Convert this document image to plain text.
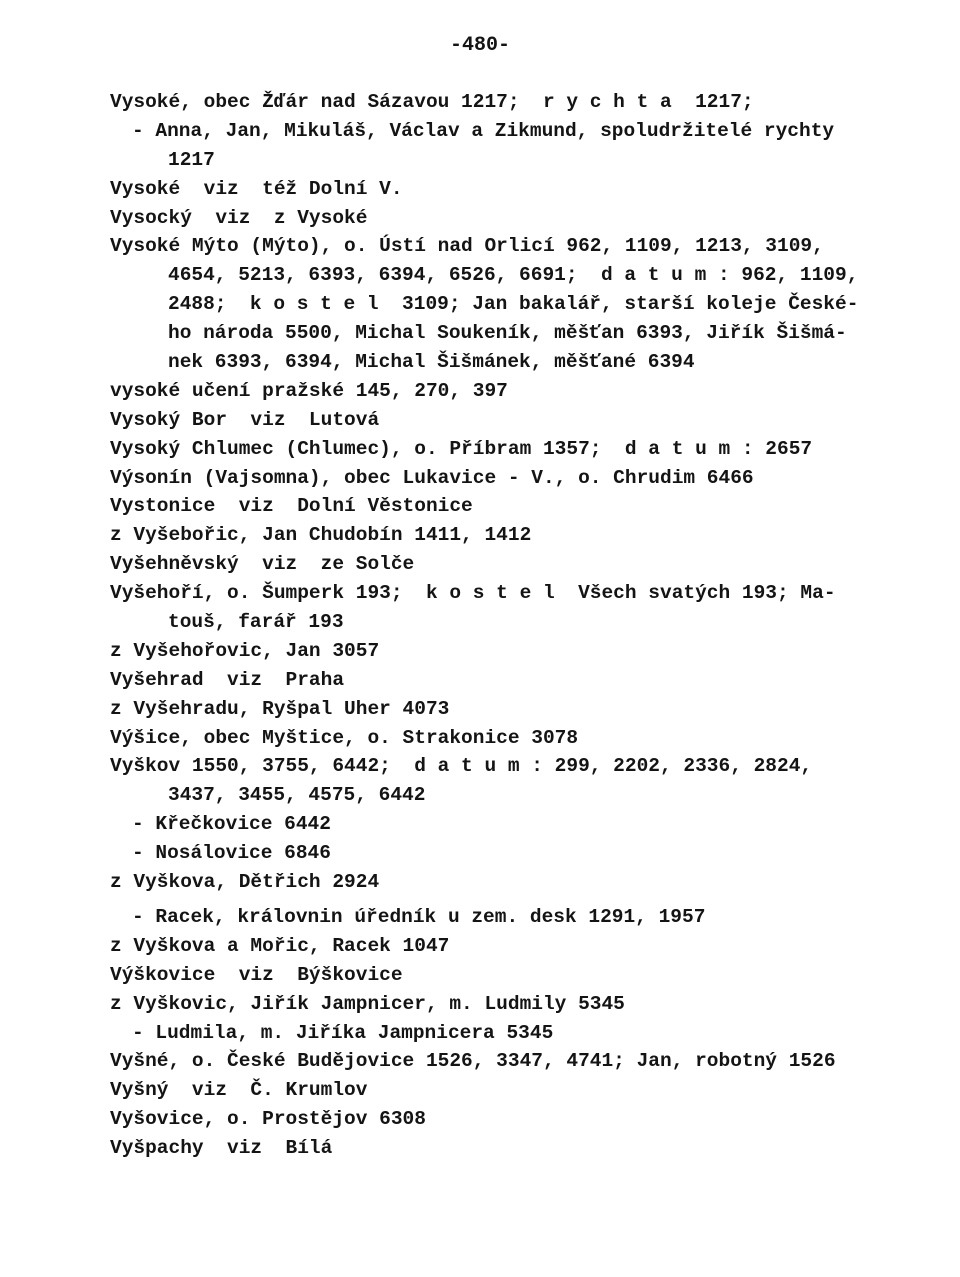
-480-
Vysoké, obec Žďár nad Sázavou 1217;  r y c h t a  1217;
- Anna, Jan, Mikuláš, Václav a Zikmund, spoludržitelé rychty
1217
Vysoké  viz  též Dolní V.
Vysocký  viz  z Vysoké
Vysoké Mýto (Mýto), o. Ústí nad Orlicí 962, 1109, 1213, 3109,
4654, 5213, 6393, 6394, 6526, 6691;  d a t u m : 962, 1109,
2488;  k o s t e l  3109; Jan bakalář, starší koleje České-
ho národa 5500, Michal Soukeník, měšťan 6393, Jiřík Šišmá-
nek 6393, 6394, Michal Šišmánek, měšťané 6394
vysoké učení pražské 145, 270, 397
Vysoký Bor  viz  Lutová
Vysoký Chlumec (Chlumec), o. Příbram 1357;  d a t u m : 2657
Výsonín (Vajsomna), obec Lukavice - V., o. Chrudim 6466
Vystonice  viz  Dolní Věstonice
z Vyšebořic, Jan Chudobín 1411, 1412
Vyšehněvský  viz  ze Solče
Vyšehoří, o. Šumperk 193;  k o s t e l  Všech svatých 193; Ma-
touš, farář 193
z Vyšehořovic, Jan 3057
Vyšehrad  viz  Praha
z Vyšehradu, Ryšpal Uher 4073
Výšice, obec Myštice, o. Strakonice 3078
Vyškov 1550, 3755, 6442;  d a t u m : 299, 2202, 2336, 2824,
3437, 3455, 4575, 6442
- Křečkovice 6442
- Nosálovice 6846
z Vyškova, Dětřich 2924
- Racek, královnin úředník u zem. desk 1291, 1957
z Vyškova a Mořic, Racek 1047
Výškovice  viz  Býškovice
z Vyškovic, Jiřík Jampnicer, m. Ludmily 5345
- Ludmila, m. Jiříka Jampnicera 5345
Vyšné, o. České Budějovice 1526, 3347, 4741; Jan, robotný 1526
Vyšný  viz  Č. Krumlov
Vyšovice, o. Prostějov 6308
Vyšpachy  viz  Bílá
